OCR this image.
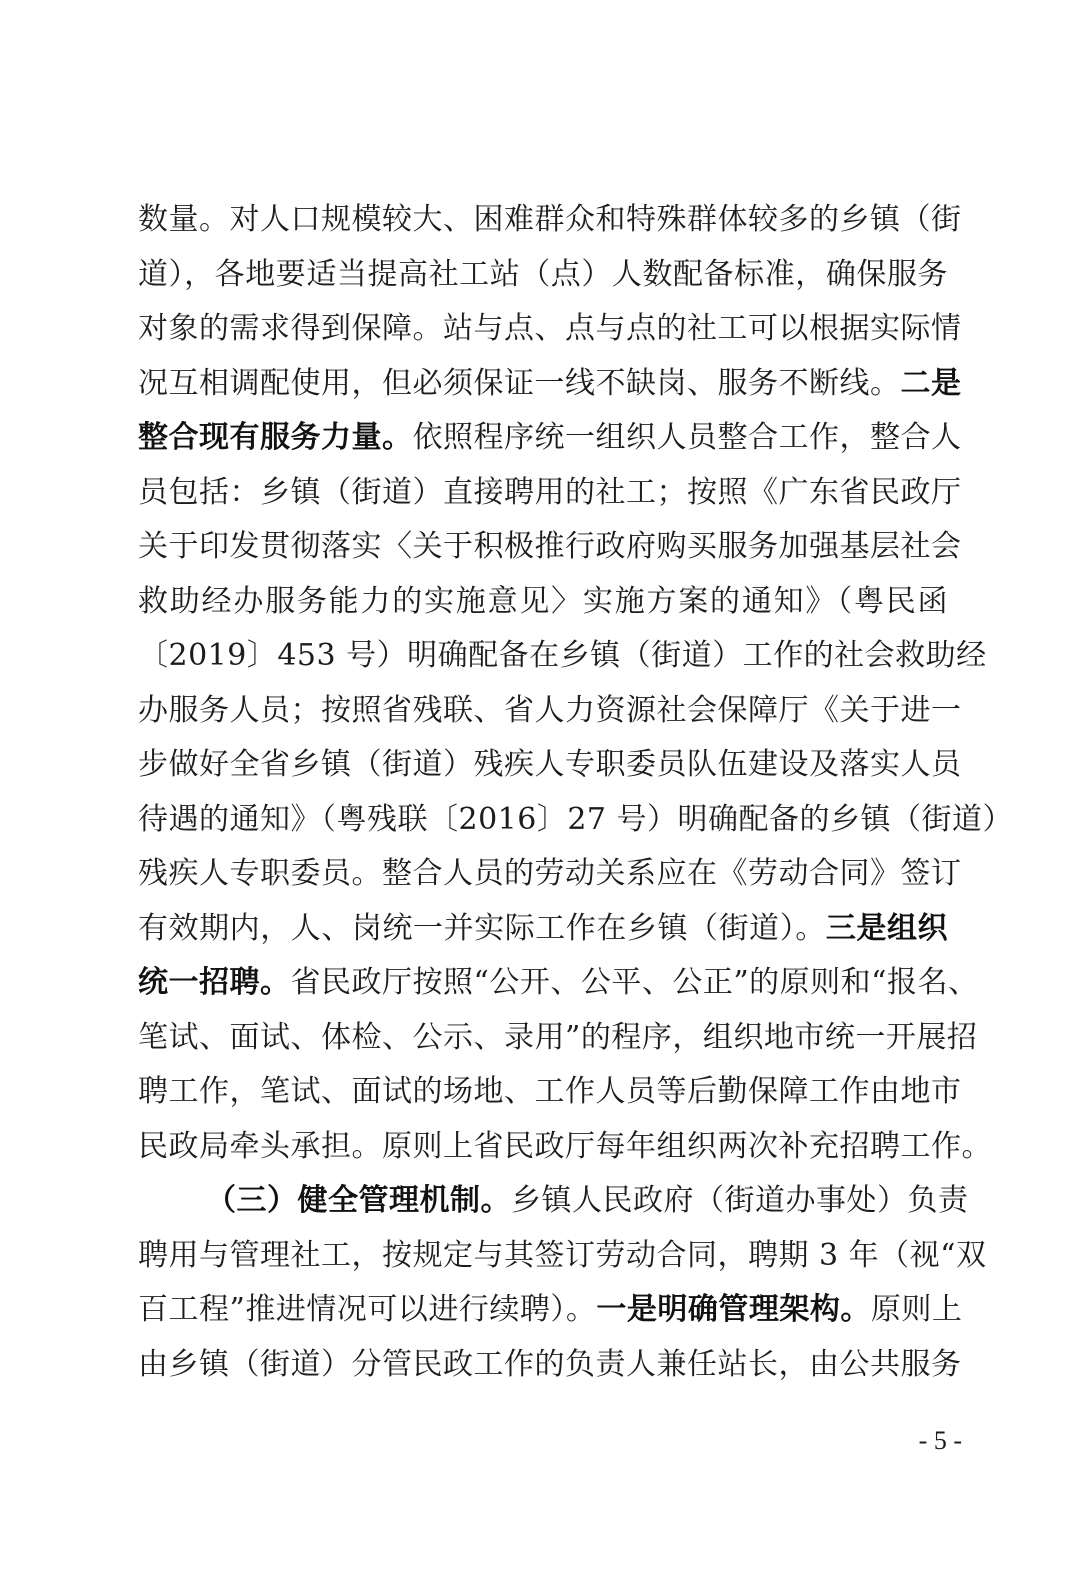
数量。对人口规模较大、困难群众和特殊群体较多的乡镇（街
道），各地要适当提高社工站（点）人数配备标准，确保服务
对象的需求得到保障。站与点、点与点的社工可以根据实际情
况互相调配使用，但必须保证一线不缺岗、服务不断线。二是
整合现有服务力量。依照程序统一组织人员整合工作，整合人
员包括：乡镇（街道）直接聘用的社工；按照《广东省民政厅
关于印发贯彻落实〈关于积极推行政府购买服务加强基层社会
救助经办服务能力的实施意见〉实施方案的通知》（粤民函
〔2019〕453 号）明确配备在乡镇（街道）工作的社会救助经
办服务人员；按照省残联、省人力资源社会保障厅《关于进一
步做好全省乡镇（街道）残疾人专职委员队伍建设及落实人员
待遇的通知》（粤残联〔2016〕27 号）明确配备的乡镇（街道）
残疾人专职委员。整合人员的劳动关系应在《劳动合同》签订
有效期内，人、岗统一并实际工作在乡镇（街道）。三是组织
统一招聘。省民政厅按照“公开、公平、公正”的原则和“报名、
笔试、面试、体检、公示、录用”的程序，组织地市统一开展招
聘工作，笔试、面试的场地、工作人员等后勤保障工作由地市
民政局牵头承担。原则上省民政厅每年组织两次补充招聘工作。
（三）健全管理机制。乡镇人民政府（街道办事处）负责
聘用与管理社工，按规定与其签订劳动合同，聘期 3 年（视“双
百工程”推进情况可以进行续聘）。一是明确管理架构。原则上
由乡镇（街道）分管民政工作的负责人兼任站长，由公共服务
- 5 -
